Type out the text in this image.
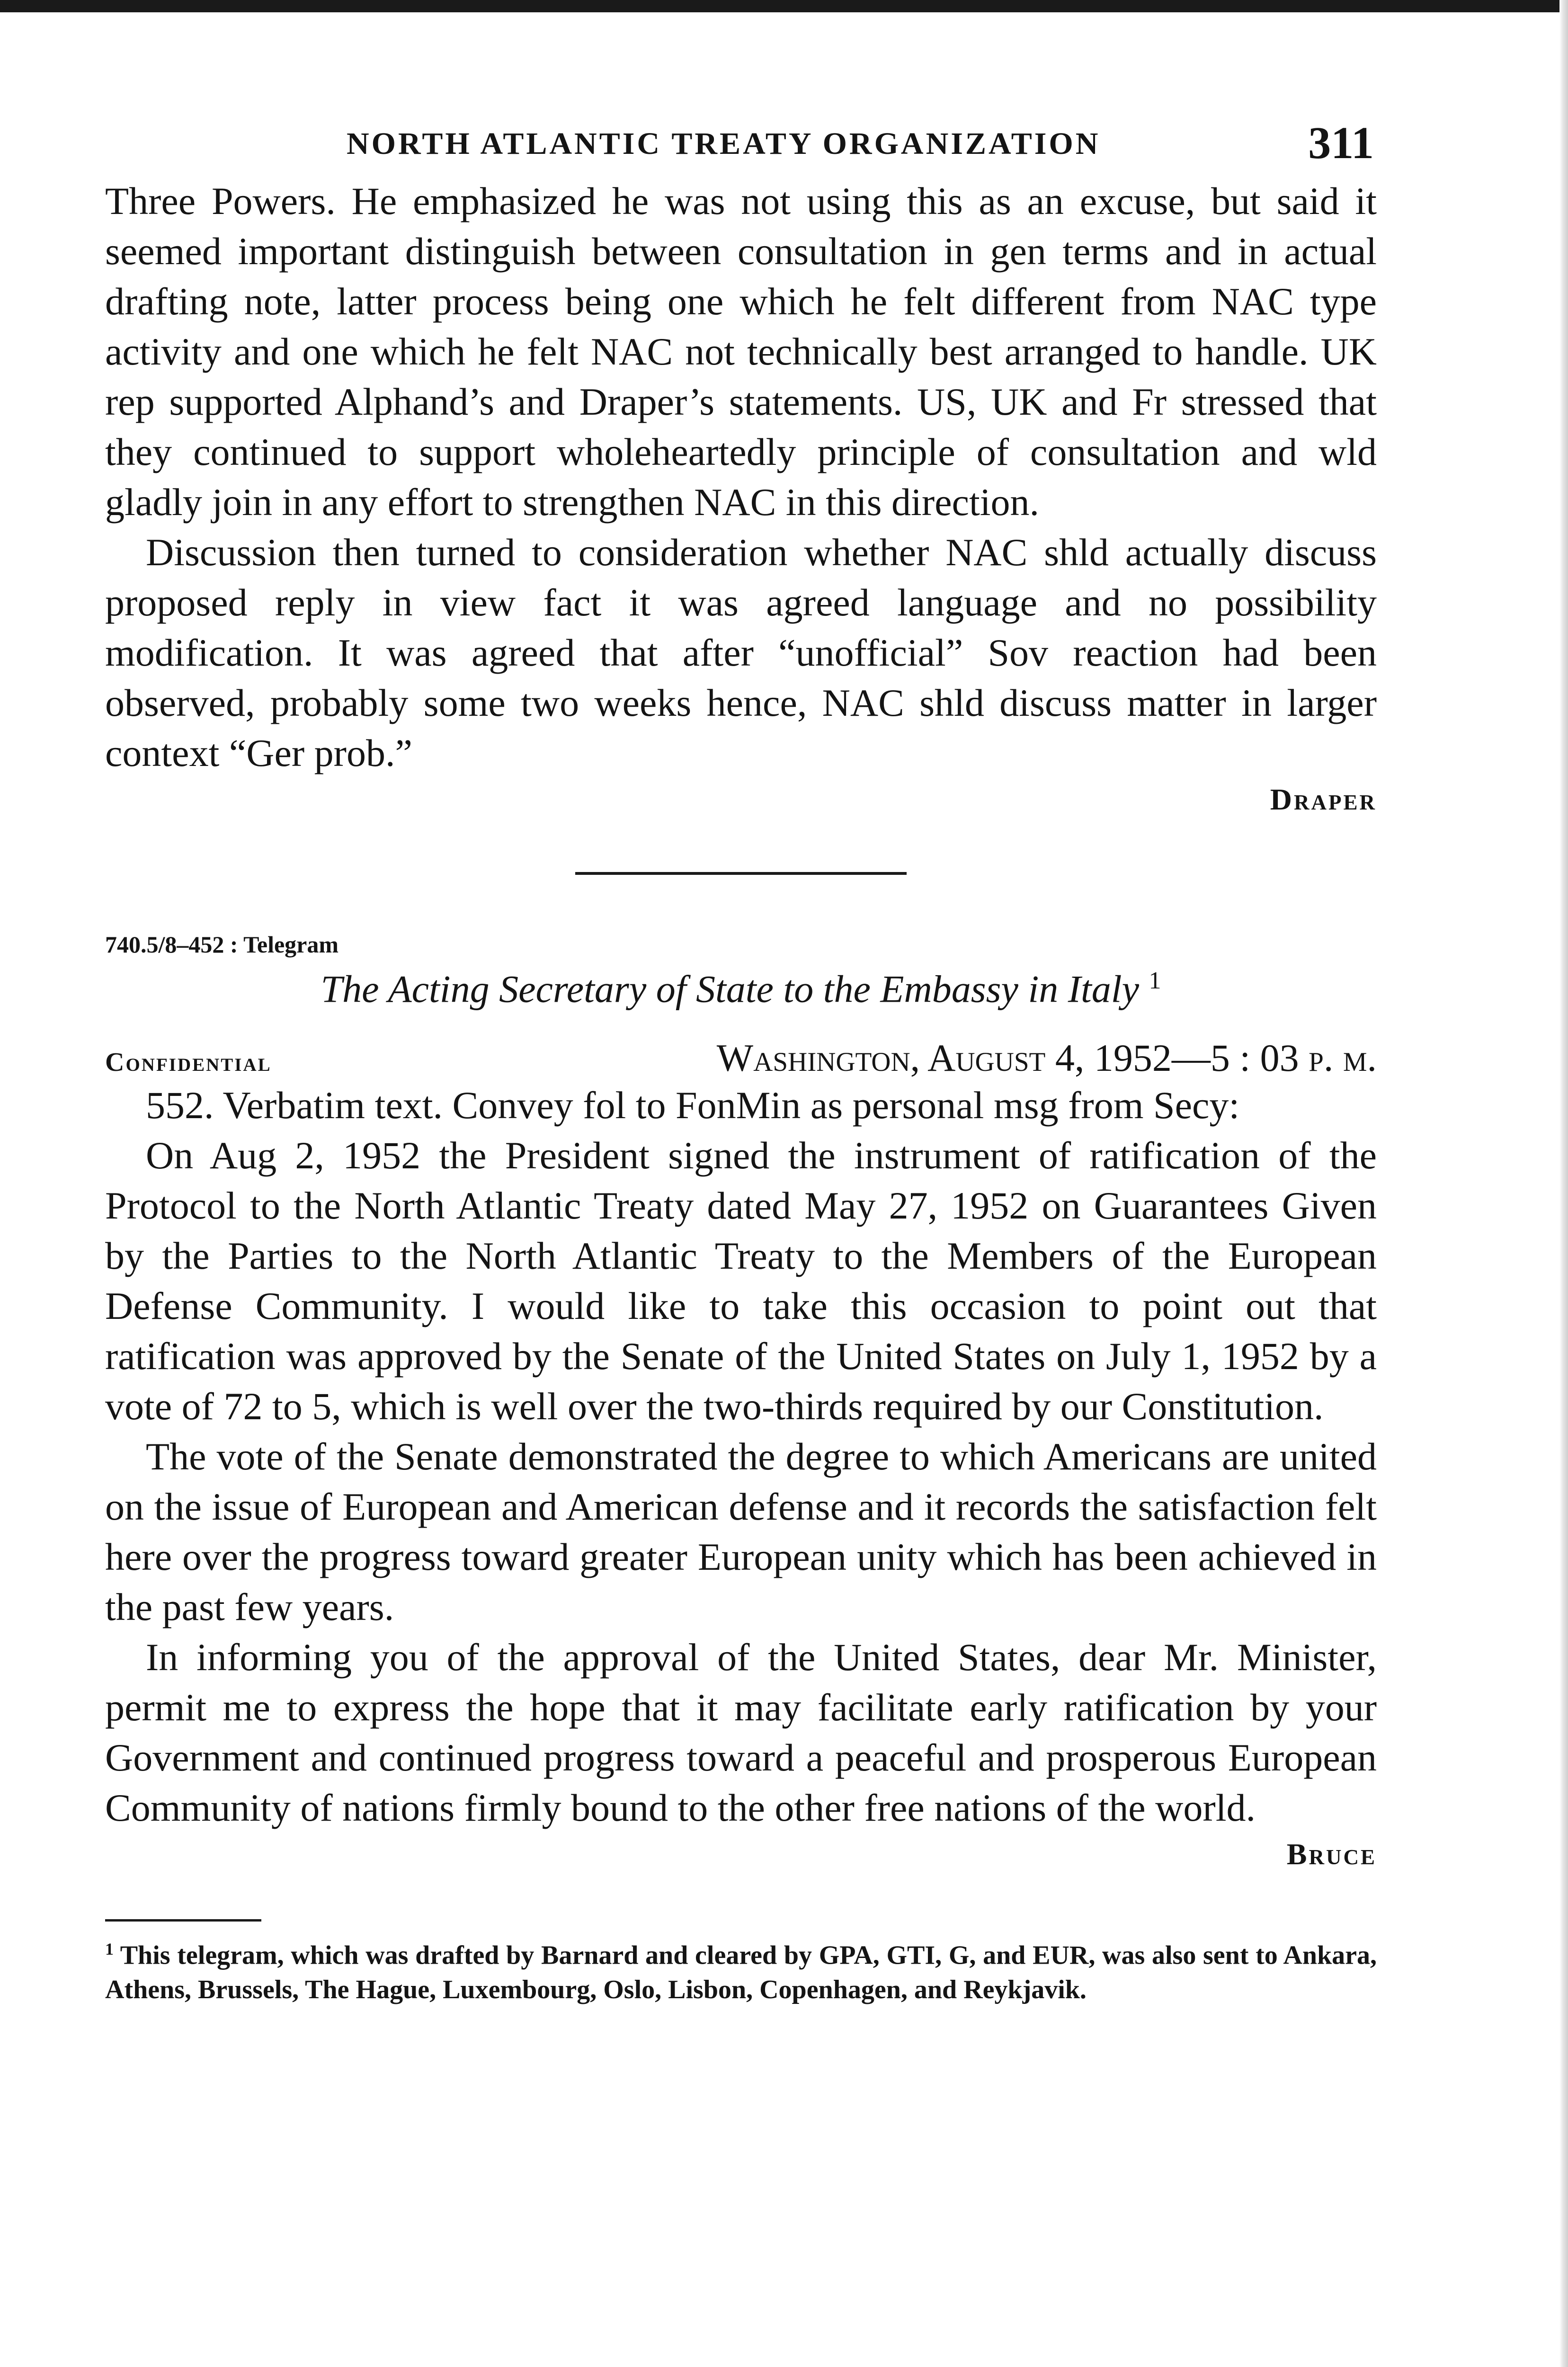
NORTH ATLANTIC TREATY ORGANIZATION	311

Three Powers. He emphasized he was not using this as an excuse, but said it seemed important distinguish between consultation in gen terms and in actual drafting note, latter process being one which he felt different from NAC type activity and one which he felt NAC not technically best arranged to handle. UK rep supported Alphand’s and Draper’s statements. US, UK and Fr stressed that they continued to support wholeheartedly principle of consultation and wld gladly join in any effort to strengthen NAC in this direction.

Discussion then turned to consideration whether NAC shld actually discuss proposed reply in view fact it was agreed language and no possibility modification. It was agreed that after “unofficial” Sov reaction had been observed, probably some two weeks hence, NAC shld discuss matter in larger context “Ger prob.”

Draper
740.5/8–452 : Telegram
The Acting Secretary of State to the Embassy in Italy $^1$
Confidential	Washington, August 4, 1952—5 : 03 p. m.

552. Verbatim text. Convey fol to FonMin as personal msg from Secy:

On Aug 2, 1952 the President signed the instrument of ratification of the Protocol to the North Atlantic Treaty dated May 27, 1952 on Guarantees Given by the Parties to the North Atlantic Treaty to the Members of the European Defense Community. I would like to take this occasion to point out that ratification was approved by the Senate of the United States on July 1, 1952 by a vote of 72 to 5, which is well over the two-thirds required by our Constitution.

The vote of the Senate demonstrated the degree to which Americans are united on the issue of European and American defense and it records the satisfaction felt here over the progress toward greater European unity which has been achieved in the past few years.

In informing you of the approval of the United States, dear Mr. Minister, permit me to express the hope that it may facilitate early ratification by your Government and continued progress toward a peaceful and prosperous European Community of nations firmly bound to the other free nations of the world.

Bruce
$^1$ This telegram, which was drafted by Barnard and cleared by GPA, GTI, G, and EUR, was also sent to Ankara, Athens, Brussels, The Hague, Luxembourg, Oslo, Lisbon, Copenhagen, and Reykjavik.
